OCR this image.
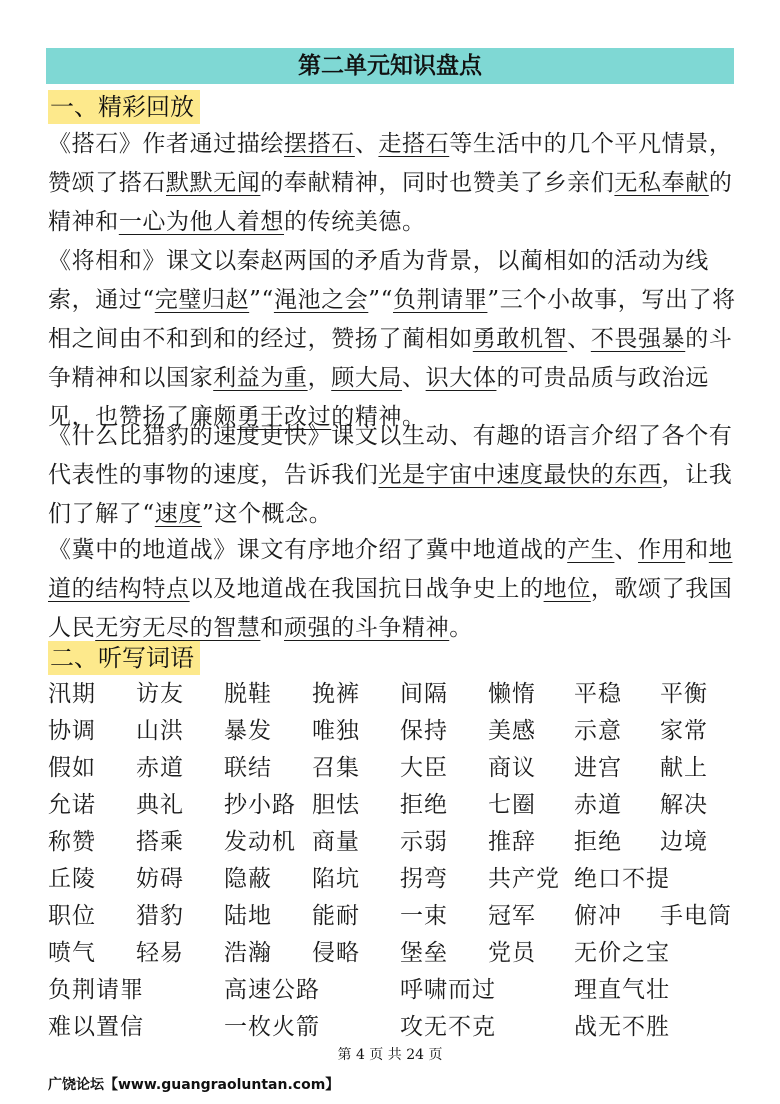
第二单元知识盘点
一、精彩回放
《搭石》作者通过描绘摆搭石、走搭石等生活中的几个平凡情景，赞颂了搭石默默无闻的奉献精神，同时也赞美了乡亲们无私奉献的精神和一心为他人着想的传统美德。
《将相和》课文以秦赵两国的矛盾为背景，以蔺相如的活动为线索，通过“完璧归赵”“渑池之会”“负荆请罪”三个小故事，写出了将相之间由不和到和的经过，赞扬了蔺相如勇敢机智、不畏强暴的斗争精神和以国家利益为重，顾大局、识大体的可贵品质与政治远见，也赞扬了廉颇勇于改过的精神。
《什么比猎豹的速度更快》课文以生动、有趣的语言介绍了各个有代表性的事物的速度，告诉我们光是宇宙中速度最快的东西，让我们了解了“速度”这个概念。
《冀中的地道战》课文有序地介绍了冀中地道战的产生、作用和地道的结构特点以及地道战在我国抗日战争史上的地位，歌颂了我国人民无穷无尽的智慧和顽强的斗争精神。
二、听写词语
汛期 访友 脱鞋 挽裤 间隔 懒惰 平稳 平衡
协调 山洪 暴发 唯独 保持 美感 示意 家常
假如 赤道 联结 召集 大臣 商议 进宫 献上
允诺 典礼 抄小路 胆怯 拒绝 七圈 赤道 解决
称赞 搭乘 发动机 商量 示弱 推辞 拒绝 边境
丘陵 妨碍 隐蔽 陷坑 拐弯 共产党 绝口不提
职位 猎豹 陆地 能耐 一束 冠军 俯冲 手电筒
喷气 轻易 浩瀚 侵略 堡垒 党员 无价之宝
负荆请罪	高速公路	呼啸而过	理直气壮
难以置信	一枚火箭	攻无不克	战无不胜
第 4 页 共 24 页
广饶论坛【www.guangraoluntan.com】
